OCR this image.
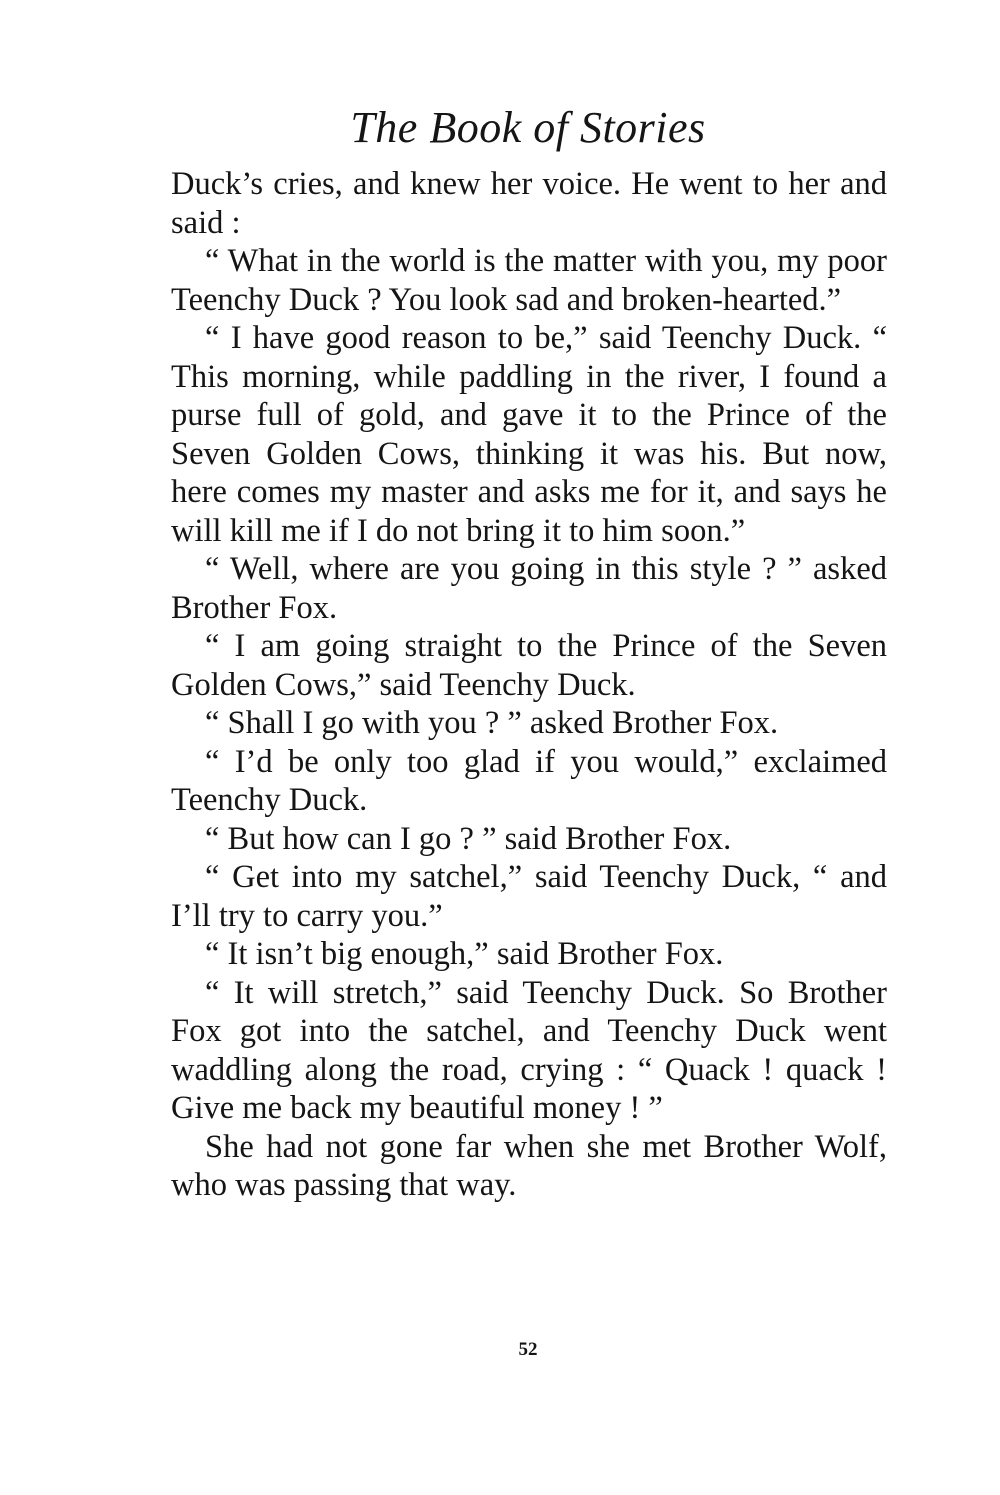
The Book of Stories

Duck’s cries, and knew her voice. He went to her and said :

“ What in the world is the matter with you, my poor Teenchy Duck ? You look sad and broken-hearted.”

“ I have good reason to be,” said Teenchy Duck. “ This morning, while paddling in the river, I found a purse full of gold, and gave it to the Prince of the Seven Golden Cows, thinking it was his. But now, here comes my master and asks me for it, and says he will kill me if I do not bring it to him soon.”

“ Well, where are you going in this style ? ” asked Brother Fox.

“ I am going straight to the Prince of the Seven Golden Cows,” said Teenchy Duck.

“ Shall I go with you ? ” asked Brother Fox.

“ I’d be only too glad if you would,” exclaimed Teenchy Duck.

“ But how can I go ? ” said Brother Fox.

“ Get into my satchel,” said Teenchy Duck, “ and I’ll try to carry you.”

“ It isn’t big enough,” said Brother Fox.

“ It will stretch,” said Teenchy Duck. So Brother Fox got into the satchel, and Teenchy Duck went waddling along the road, crying : “ Quack ! quack ! Give me back my beautiful money ! ”

She had not gone far when she met Brother Wolf, who was passing that way.

52
